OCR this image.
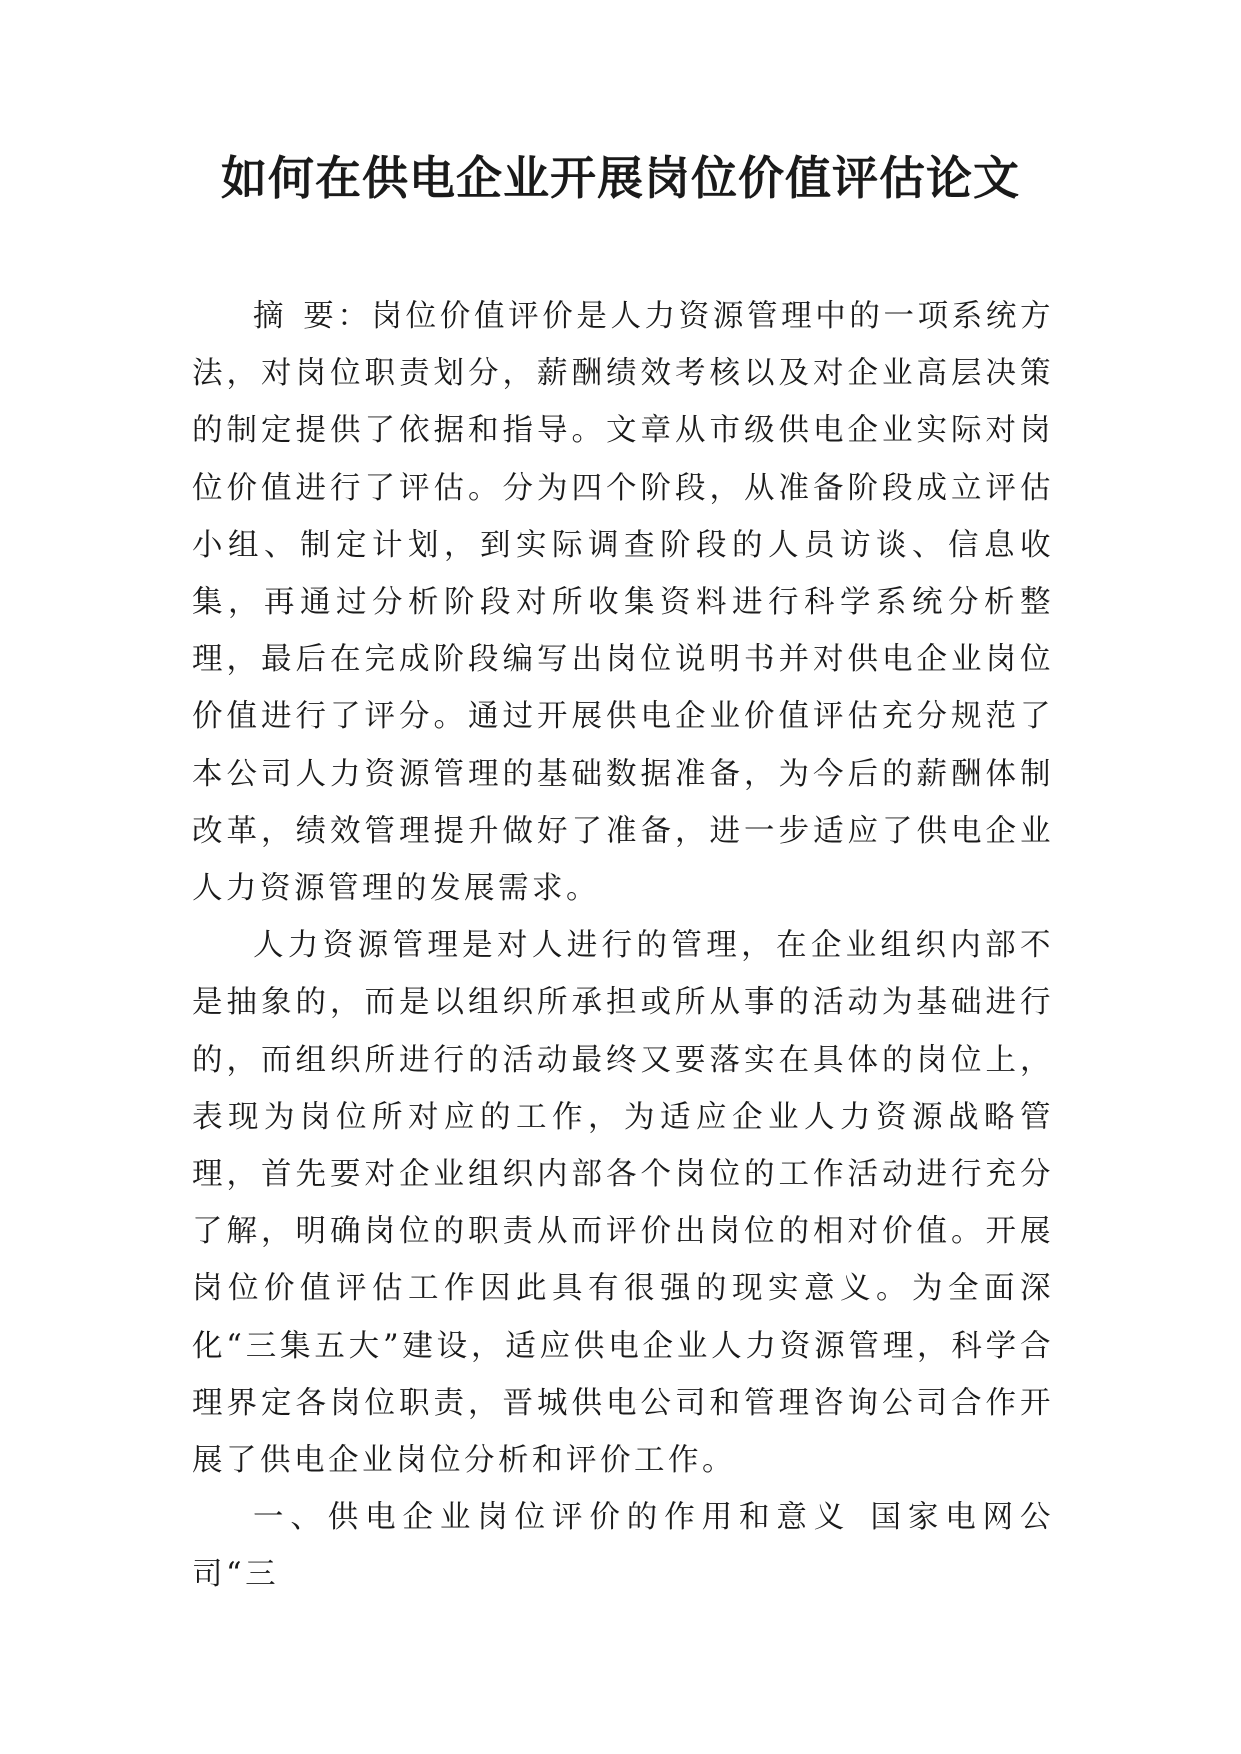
如何在供电企业开展岗位价值评估论文

摘 要：岗位价值评价是人力资源管理中的一项系统方法，对岗位职责划分，薪酬绩效考核以及对企业高层决策的制定提供了依据和指导。文章从市级供电企业实际对岗位价值进行了评估。分为四个阶段，从准备阶段成立评估小组、制定计划，到实际调查阶段的人员访谈、信息收集，再通过分析阶段对所收集资料进行科学系统分析整理，最后在完成阶段编写出岗位说明书并对供电企业岗位价值进行了评分。通过开展供电企业价值评估充分规范了本公司人力资源管理的基础数据准备，为今后的薪酬体制改革，绩效管理提升做好了准备，进一步适应了供电企业人力资源管理的发展需求。

人力资源管理是对人进行的管理，在企业组织内部不是抽象的，而是以组织所承担或所从事的活动为基础进行的，而组织所进行的活动最终又要落实在具体的岗位上，表现为岗位所对应的工作，为适应企业人力资源战略管理，首先要对企业组织内部各个岗位的工作活动进行充分了解，明确岗位的职责从而评价出岗位的相对价值。开展岗位价值评估工作因此具有很强的现实意义。为全面深化“三集五大”建设，适应供电企业人力资源管理，科学合理界定各岗位职责，晋城供电公司和管理咨询公司合作开展了供电企业岗位分析和评价工作。

一、供电企业岗位评价的作用和意义 国家电网公司“三
